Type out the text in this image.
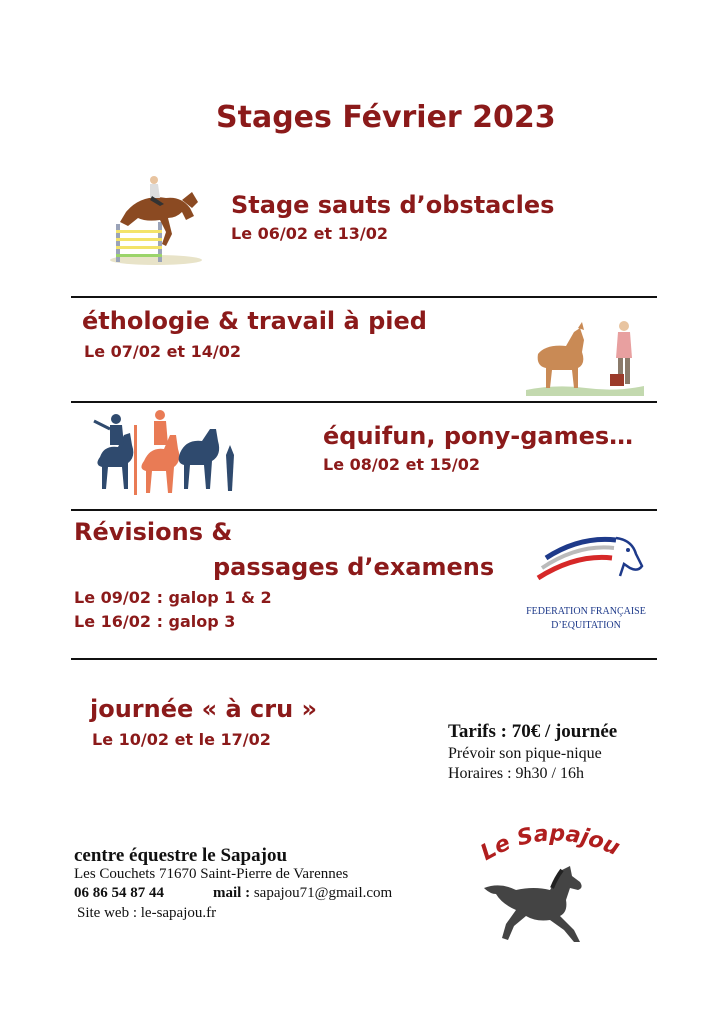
Stages Février 2023
Stage sauts d’obstacles
Le 06/02 et 13/02
éthologie & travail à pied
Le 07/02 et 14/02
équifun, pony-games…
Le 08/02 et 15/02
Révisions &
passages d’examens
Le 09/02 : galop 1 & 2
Le 16/02 : galop 3
FEDERATION FRANÇAISE
D’EQUITATION
journée « à cru »
Le 10/02 et le 17/02	Tarifs : 70€ / journée
Prévoir son pique-nique
Horaires : 9h30 / 16h
centre équestre le Sapajou
Les Couchets 71670 Saint-Pierre de Varennes
06 86 54 87 44	mail : sapajou71@gmail.com
Site web : le-sapajou.fr
Le Sapajou
